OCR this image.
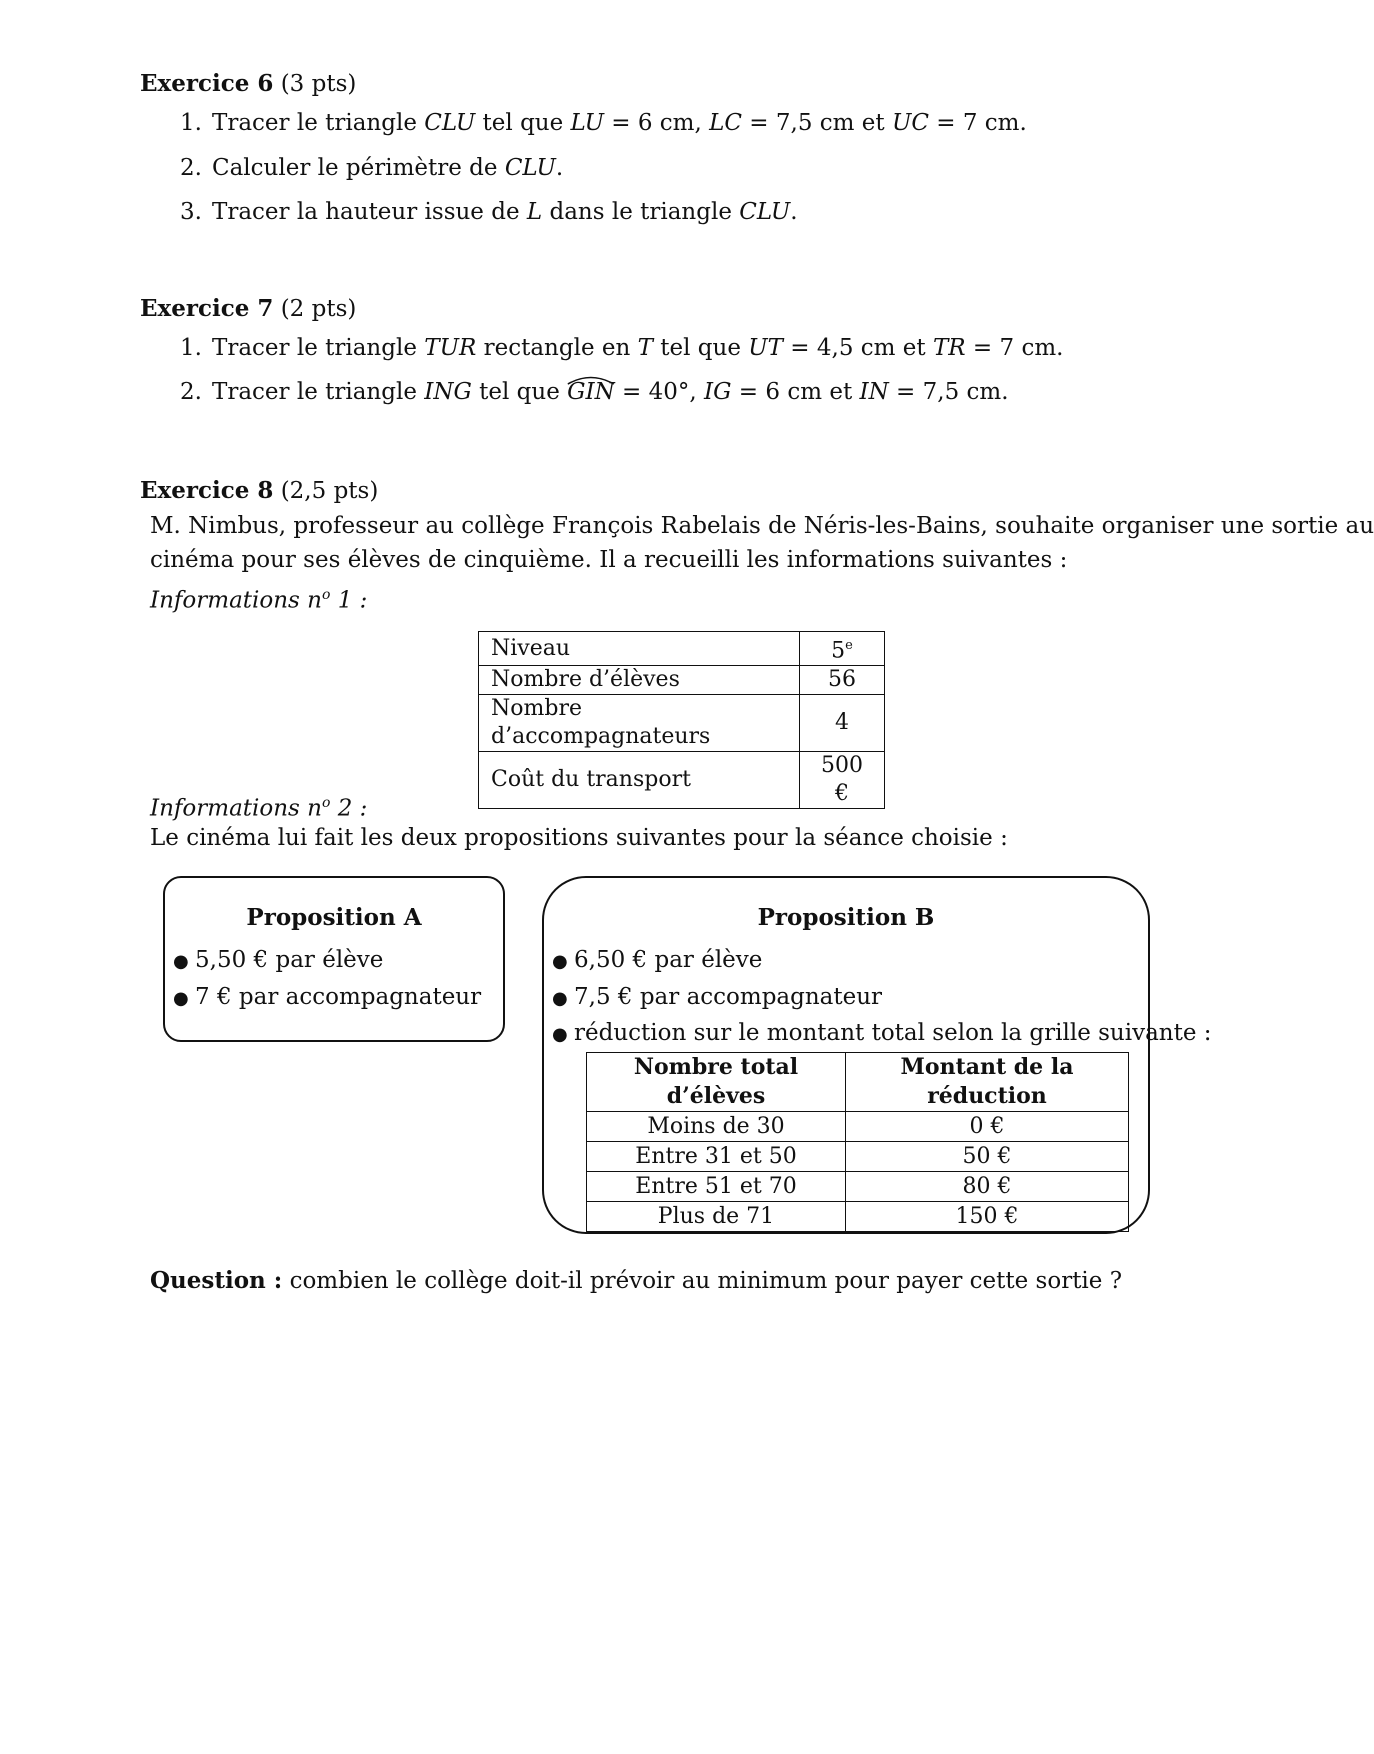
Exercice 6 (3 pts)
1. Tracer le triangle CLU tel que LU = 6 cm, LC = 7,5 cm et UC = 7 cm.
2. Calculer le périmètre de CLU.
3. Tracer la hauteur issue de L dans le triangle CLU.
Exercice 7 (2 pts)
1. Tracer le triangle TUR rectangle en T tel que UT = 4,5 cm et TR = 7 cm.
2. Tracer le triangle ING tel que
GIN = 40°, IG = 6 cm et IN = 7,5 cm.
Exercice 8 (2,5 pts)
M. Nimbus, professeur au collège François Rabelais de Néris-les-Bains, souhaite organiser une sortie au
cinéma pour ses élèves de cinquième. Il a recueilli les informations suivantes :
Informations $n^o$ 1 :
Niveau	5e
Nombre d’élèves	56
Nombre d’accompagnateurs	4
Coût du transport	500 €
Informations $n^o$ 2 :
Le cinéma lui fait les deux propositions suivantes pour la séance choisie :
Proposition A
● 5,50 € par élève
● 7 € par accompagnateur
Proposition B
● 6,50 € par élève
● 7,5 € par accompagnateur
● réduction sur le montant total selon la grille suivante :
Nombre total d’élèves	Montant de la réduction
Moins de 30	0 €
Entre 31 et 50	50 €
Entre 51 et 70	80 €
Plus de 71	150 €
Question : combien le collège doit-il prévoir au minimum pour payer cette sortie ?
